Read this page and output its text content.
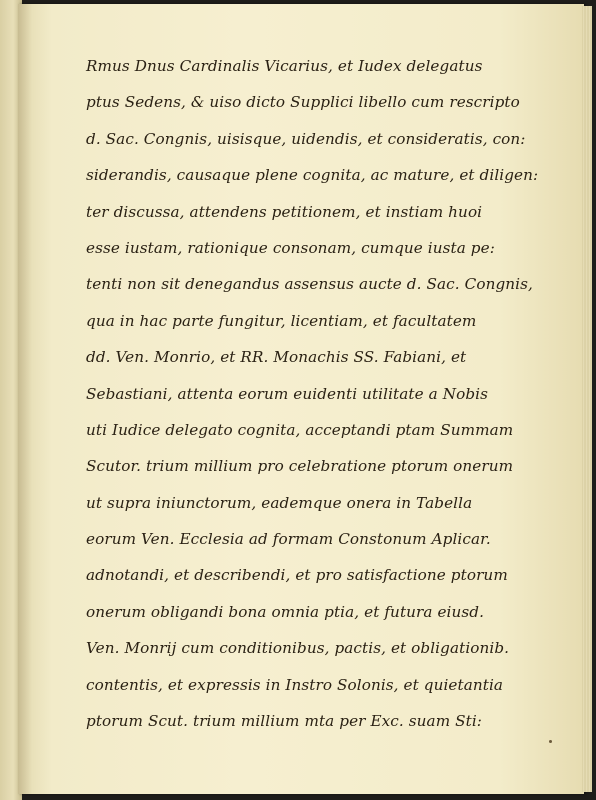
Rmus Dnus Cardinalis Vicarius, et Iudex delegatus
ptus Sedens, & uiso dicto Supplici libello cum rescripto
d. Sac. Congnis, uisisque, uidendis, et consideratis, con:
siderandis, causaque plene cognita, ac mature, et diligen:
ter discussa, attendens petitionem, et instiam huoi
esse iustam, rationique consonam, cumque iusta pe:
tenti non sit denegandus assensus aucte d. Sac. Congnis,
qua in hac parte fungitur, licentiam, et facultatem
dd. Ven. Monrio, et RR. Monachis SS. Fabiani, et
Sebastiani, attenta eorum euidenti utilitate a Nobis
uti Iudice delegato cognita, acceptandi ptam Summam
Scutor. trium millium pro celebratione ptorum onerum
ut supra iniunctorum, eademque onera in Tabella
eorum Ven. Ecclesia ad formam Constonum Aplicar.
adnotandi, et describendi, et pro satisfactione ptorum
onerum obligandi bona omnia ptia, et futura eiusd.
Ven. Monrij cum conditionibus, pactis, et obligationib.
contentis, et expressis in Instro Solonis, et quietantia
ptorum Scut. trium millium mta per Exc. suam Sti:
